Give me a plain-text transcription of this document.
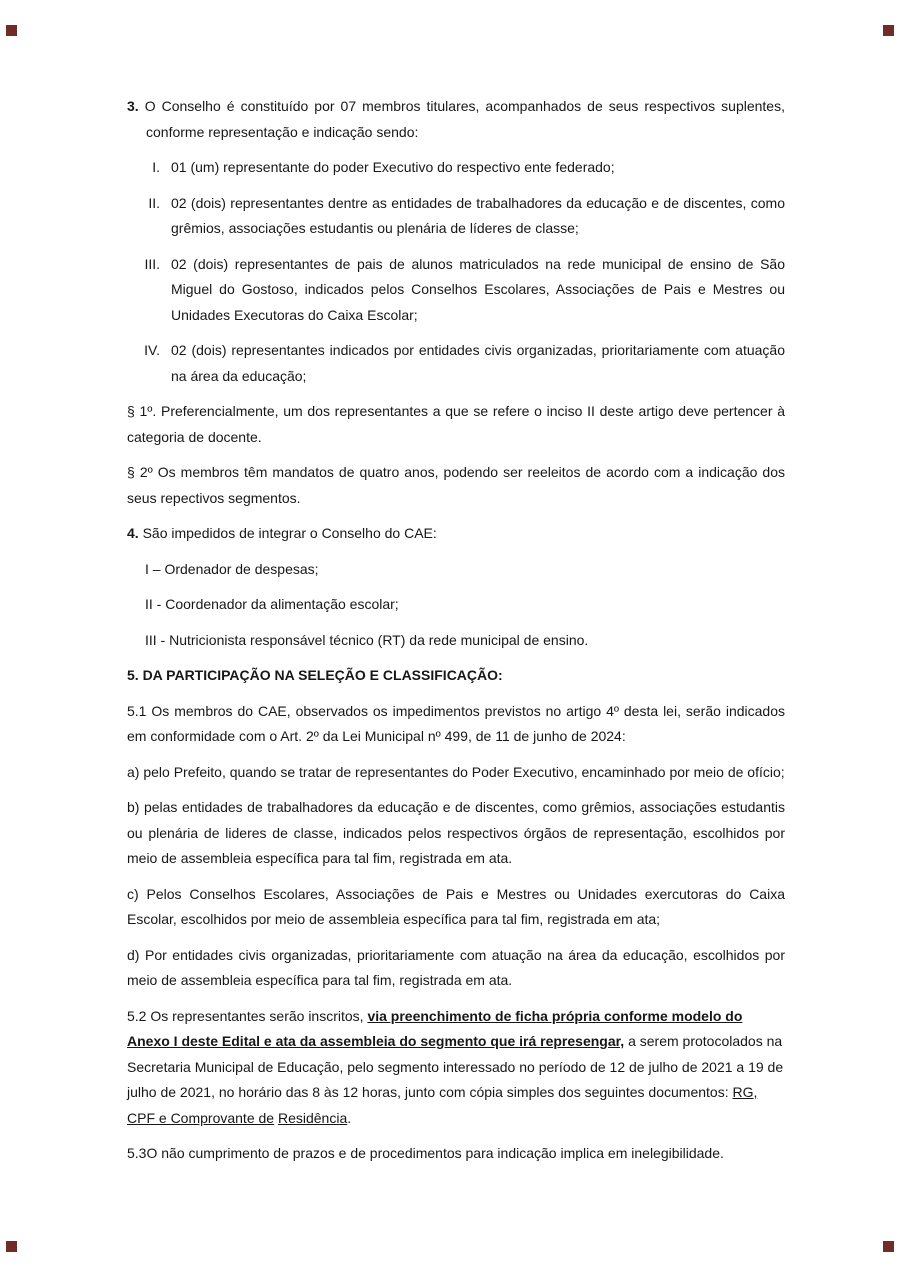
3. O Conselho é constituído por 07 membros titulares, acompanhados de seus respectivos suplentes, conforme representação e indicação sendo:

I. 01 (um) representante do poder Executivo do respectivo ente federado;
II. 02 (dois) representantes dentre as entidades de trabalhadores da educação e de discentes, como grêmios, associações estudantis ou plenária de líderes de classe;
III. 02 (dois) representantes de pais de alunos matriculados na rede municipal de ensino de São Miguel do Gostoso, indicados pelos Conselhos Escolares, Associações de Pais e Mestres ou Unidades Executoras do Caixa Escolar;
IV. 02 (dois) representantes indicados por entidades civis organizadas, prioritariamente com atuação na área da educação;

§ 1º. Preferencialmente, um dos representantes a que se refere o inciso II deste artigo deve pertencer à categoria de docente.

§ 2º Os membros têm mandatos de quatro anos, podendo ser reeleitos de acordo com a indicação dos seus repectivos segmentos.

4. São impedidos de integrar o Conselho do CAE:

I – Ordenador de despesas;

II - Coordenador da alimentação escolar;

III - Nutricionista responsável técnico (RT) da rede municipal de ensino.

5. DA PARTICIPAÇÃO NA SELEÇÃO E CLASSIFICAÇÃO:

5.1 Os membros do CAE, observados os impedimentos previstos no artigo 4º desta lei, serão indicados em conformidade com o Art. 2º da Lei Municipal nº 499, de 11 de junho de 2024:

a) pelo Prefeito, quando se tratar de representantes do Poder Executivo, encaminhado por meio de ofício;

b) pelas entidades de trabalhadores da educação e de discentes, como grêmios, associações estudantis ou plenária de lideres de classe, indicados pelos respectivos órgãos de representação, escolhidos por meio de assembleia específica para tal fim, registrada em ata.

c) Pelos Conselhos Escolares, Associações de Pais e Mestres ou Unidades exercutoras do Caixa Escolar, escolhidos por meio de assembleia específica para tal fim, registrada em ata;

d) Por entidades civis organizadas, prioritariamente com atuação na área da educação, escolhidos por meio de assembleia específica para tal fim, registrada em ata.

5.2 Os representantes serão inscritos, via preenchimento de ficha própria conforme modelo do Anexo I deste Edital e ata da assembleia do segmento que irá represengar, a serem protocolados na Secretaria Municipal de Educação, pelo segmento interessado no período de 12 de julho de 2021 a 19 de julho de 2021, no horário das 8 às 12 horas, junto com cópia simples dos seguintes documentos: RG, CPF e Comprovante de Residência.

5.3O não cumprimento de prazos e de procedimentos para indicação implica em inelegibilidade.
